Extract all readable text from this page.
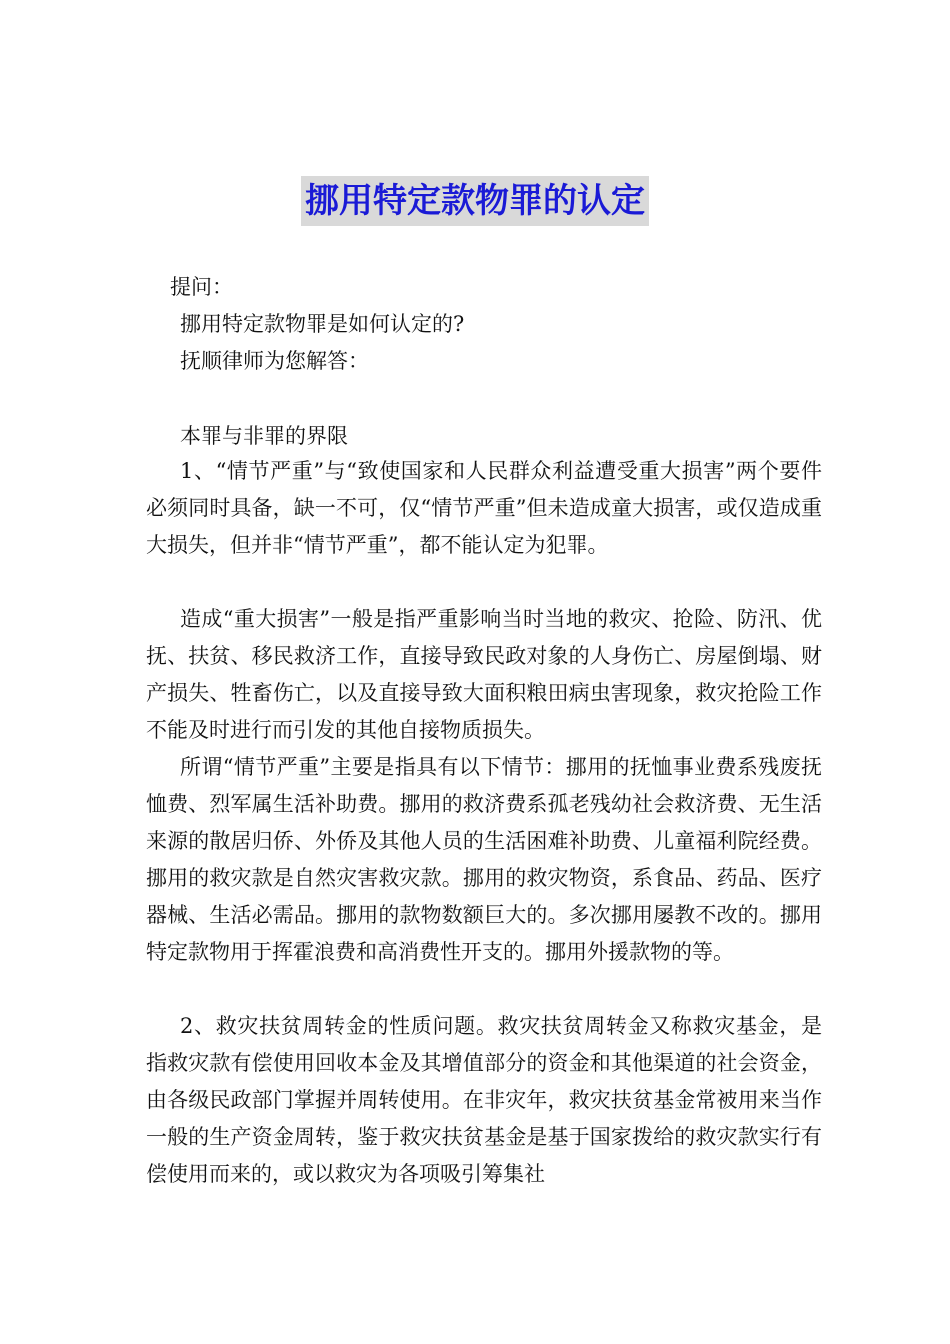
挪用特定款物罪的认定
提问：
挪用特定款物罪是如何认定的?
抚顺律师为您解答：
本罪与非罪的界限
1、“情节严重”与“致使国家和人民群众利益遭受重大损害”两个要件必须同时具备，缺一不可，仅“情节严重”但未造成童大损害，或仅造成重大损失，但并非“情节严重”，都不能认定为犯罪。
造成“重大损害”一般是指严重影响当时当地的救灾、抢险、防汛、优抚、扶贫、移民救济工作，直接导致民政对象的人身伤亡、房屋倒塌、财产损失、牲畜伤亡，以及直接导致大面积粮田病虫害现象，救灾抢险工作不能及时进行而引发的其他自接物质损失。
所谓“情节严重”主要是指具有以下情节：挪用的抚恤事业费系残废抚恤费、烈军属生活补助费。挪用的救济费系孤老残幼社会救济费、无生活来源的散居归侨、外侨及其他人员的生活困难补助费、儿童福利院经费。挪用的救灾款是自然灾害救灾款。挪用的救灾物资，系食品、药品、医疗器械、生活必需品。挪用的款物数额巨大的。多次挪用屡教不改的。挪用特定款物用于挥霍浪费和高消费性开支的。挪用外援款物的等。
2、救灾扶贫周转金的性质问题。救灾扶贫周转金又称救灾基金，是指救灾款有偿使用回收本金及其增值部分的资金和其他渠道的社会资金，由各级民政部门掌握并周转使用。在非灾年，救灾扶贫基金常被用来当作一般的生产资金周转，鉴于救灾扶贫基金是基于国家拨给的救灾款实行有偿使用而来的，或以救灾为各项吸引筹集社
